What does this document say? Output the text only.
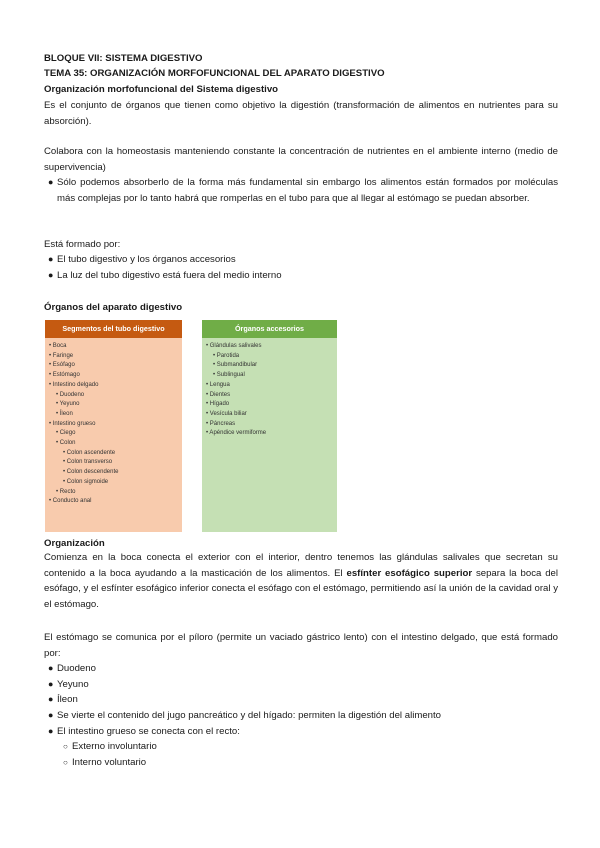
BLOQUE VII: SISTEMA DIGESTIVO
TEMA 35: ORGANIZACIÓN MORFOFUNCIONAL DEL APARATO DIGESTIVO
Organización morfofuncional del Sistema digestivo
Es el conjunto de órganos que tienen como objetivo la digestión (transformación de alimentos en nutrientes para su absorción).
Colabora con la homeostasis manteniendo constante la concentración de nutrientes en el ambiente interno (medio de supervivencia)
● Sólo podemos absorberlo de la forma más fundamental sin embargo los alimentos están formados por moléculas más complejas por lo tanto habrá que romperlas en el tubo para que al llegar al estómago se puedan absorber.
Está formado por:
● El tubo digestivo y los órganos accesorios
● La luz del tubo digestivo está fuera del medio interno
Órganos del aparato digestivo
Segmentos del tubo digestivo
• Boca
• Faringe
• Esófago
• Estómago
• Intestino delgado
• Duodeno
• Yeyuno
• Íleon
• Intestino grueso
• Ciego
• Colon
• Colon ascendente
• Colon transverso
• Colon descendente
• Colon sigmoide
• Recto
• Conducto anal
Órganos accesorios
• Glándulas salivales
• Parotida
• Submandibular
• Sublingual
• Lengua
• Dientes
• Hígado
• Vesícula biliar
• Páncreas
• Apéndice vermiforme
Organización
Comienza en la boca conecta el exterior con el interior, dentro tenemos las glándulas salivales que secretan su contenido a la boca ayudando a la masticación de los alimentos. El esfínter esofágico superior separa la boca del esófago, y el esfínter esofágico inferior conecta el esófago con el estómago, permitiendo así la unión de la cavidad oral y el estómago.
El estómago se comunica por el píloro (permite un vaciado gástrico lento) con el intestino delgado, que está formado por:
● Duodeno
● Yeyuno
● Íleon
● Se vierte el contenido del jugo pancreático y del hígado: permiten la digestión del alimento
● El intestino grueso se conecta con el recto:
○ Externo involuntario
○ Interno voluntario
